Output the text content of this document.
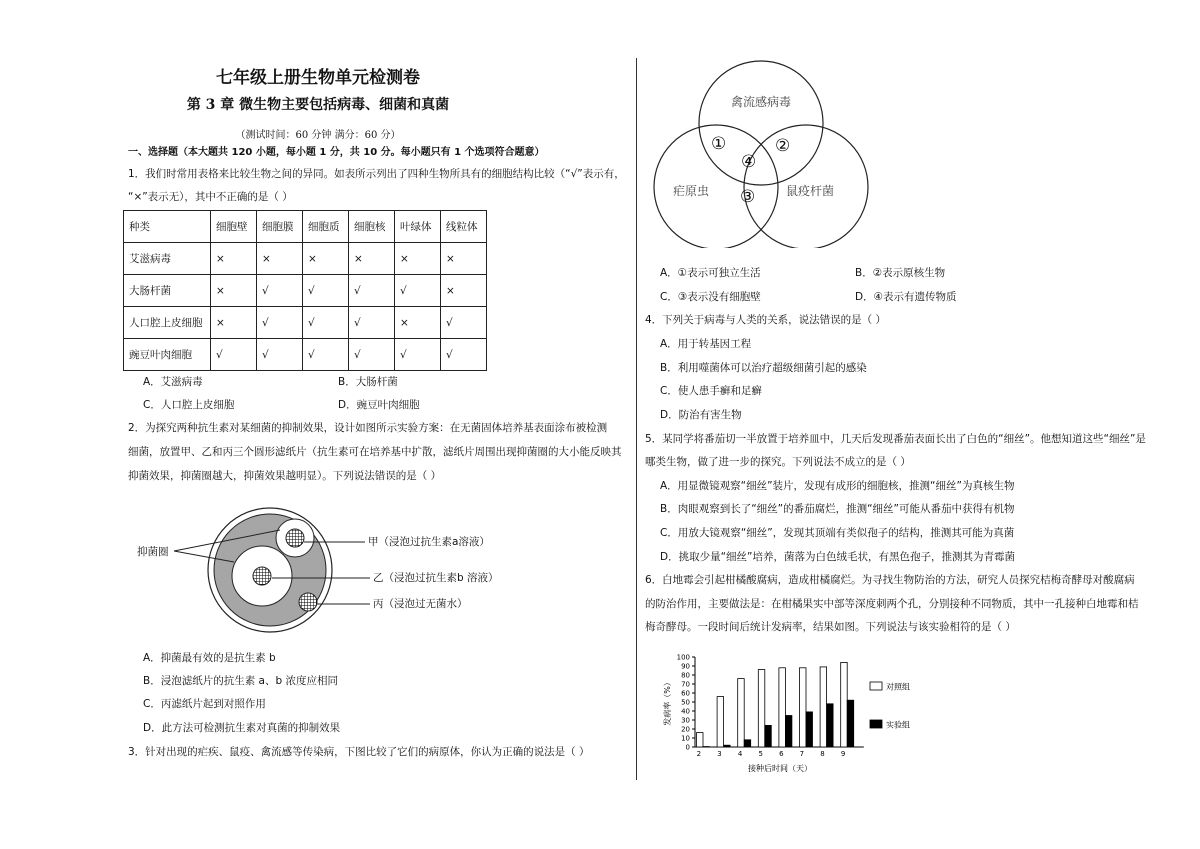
七年级上册生物单元检测卷
第 3 章 微生物主要包括病毒、细菌和真菌
（测试时间：60 分钟 满分：60 分）
一、选择题（本大题共 120 小题，每小题 1 分，共 10 分。每小题只有 1 个选项符合题意）
1．我们时常用表格来比较生物之间的异同。如表所示列出了四种生物所具有的细胞结构比较（“√”表示有，
“×”表示无），其中不正确的是（ ）
种类	细胞壁	细胞膜	细胞质	细胞核	叶绿体	线粒体
艾滋病毒	×	×	×	×	×	×
大肠杆菌	×	√	√	√	√	×
人口腔上皮细胞	×	√	√	√	×	√
豌豆叶肉细胞	√	√	√	√	√	√
A．艾滋病毒	B．大肠杆菌
C．人口腔上皮细胞	D．豌豆叶肉细胞
2．为探究两种抗生素对某细菌的抑制效果，设计如图所示实验方案：在无菌固体培养基表面涂布被检测
细菌，放置甲、乙和丙三个圆形滤纸片（抗生素可在培养基中扩散，滤纸片周围出现抑菌圈的大小能反映其
抑菌效果，抑菌圈越大，抑菌效果越明显）。下列说法错误的是（ ）
抑菌圈
甲（浸泡过抗生素a溶液）
乙（浸泡过抗生素b 溶液）
丙（浸泡过无菌水）
A．抑菌最有效的是抗生素 b
B．浸泡滤纸片的抗生素 a、b 浓度应相同
C．丙滤纸片起到对照作用
D．此方法可检测抗生素对真菌的抑制效果
3．针对出现的疟疾、鼠疫、禽流感等传染病，下图比较了它们的病原体，你认为正确的说法是（ ）
禽流感病毒
疟原虫	鼠疫杆菌
①	②
③
④
A．①表示可独立生活	B．②表示原核生物
C．③表示没有细胞壁	D．④表示有遗传物质
4．下列关于病毒与人类的关系，说法错误的是（ ）
A．用于转基因工程
B．利用噬菌体可以治疗超级细菌引起的感染
C．使人患手癣和足癣
D．防治有害生物
5．某同学将番茄切一半放置于培养皿中，几天后发现番茄表面长出了白色的“细丝”。他想知道这些“细丝”是
哪类生物，做了进一步的探究。下列说法不成立的是（ ）
A．用显微镜观察“细丝”装片，发现有成形的细胞核，推测“细丝”为真核生物
B．肉眼观察到长了“细丝”的番茄腐烂，推测“细丝”可能从番茄中获得有机物
C．用放大镜观察“细丝”，发现其顶端有类似孢子的结构，推测其可能为真菌
D．挑取少量“细丝”培养，菌落为白色绒毛状，有黑色孢子，推测其为青霉菌
6．白地霉会引起柑橘酸腐病，造成柑橘腐烂。为寻找生物防治的方法，研究人员探究桔梅奇酵母对酸腐病
的防治作用，主要做法是：在柑橘果实中部等深度刺两个孔，分别接种不同物质，其中一孔接种白地霉和桔
梅奇酵母。一段时间后统计发病率，结果如图。下列说法与该实验相符的是（ ）
0
10
20
30
40
50
60
70
80
90
100
2 3 4 5 6 7 8 9
接种后时间（天）
发病率（%）	对照组
实验组
